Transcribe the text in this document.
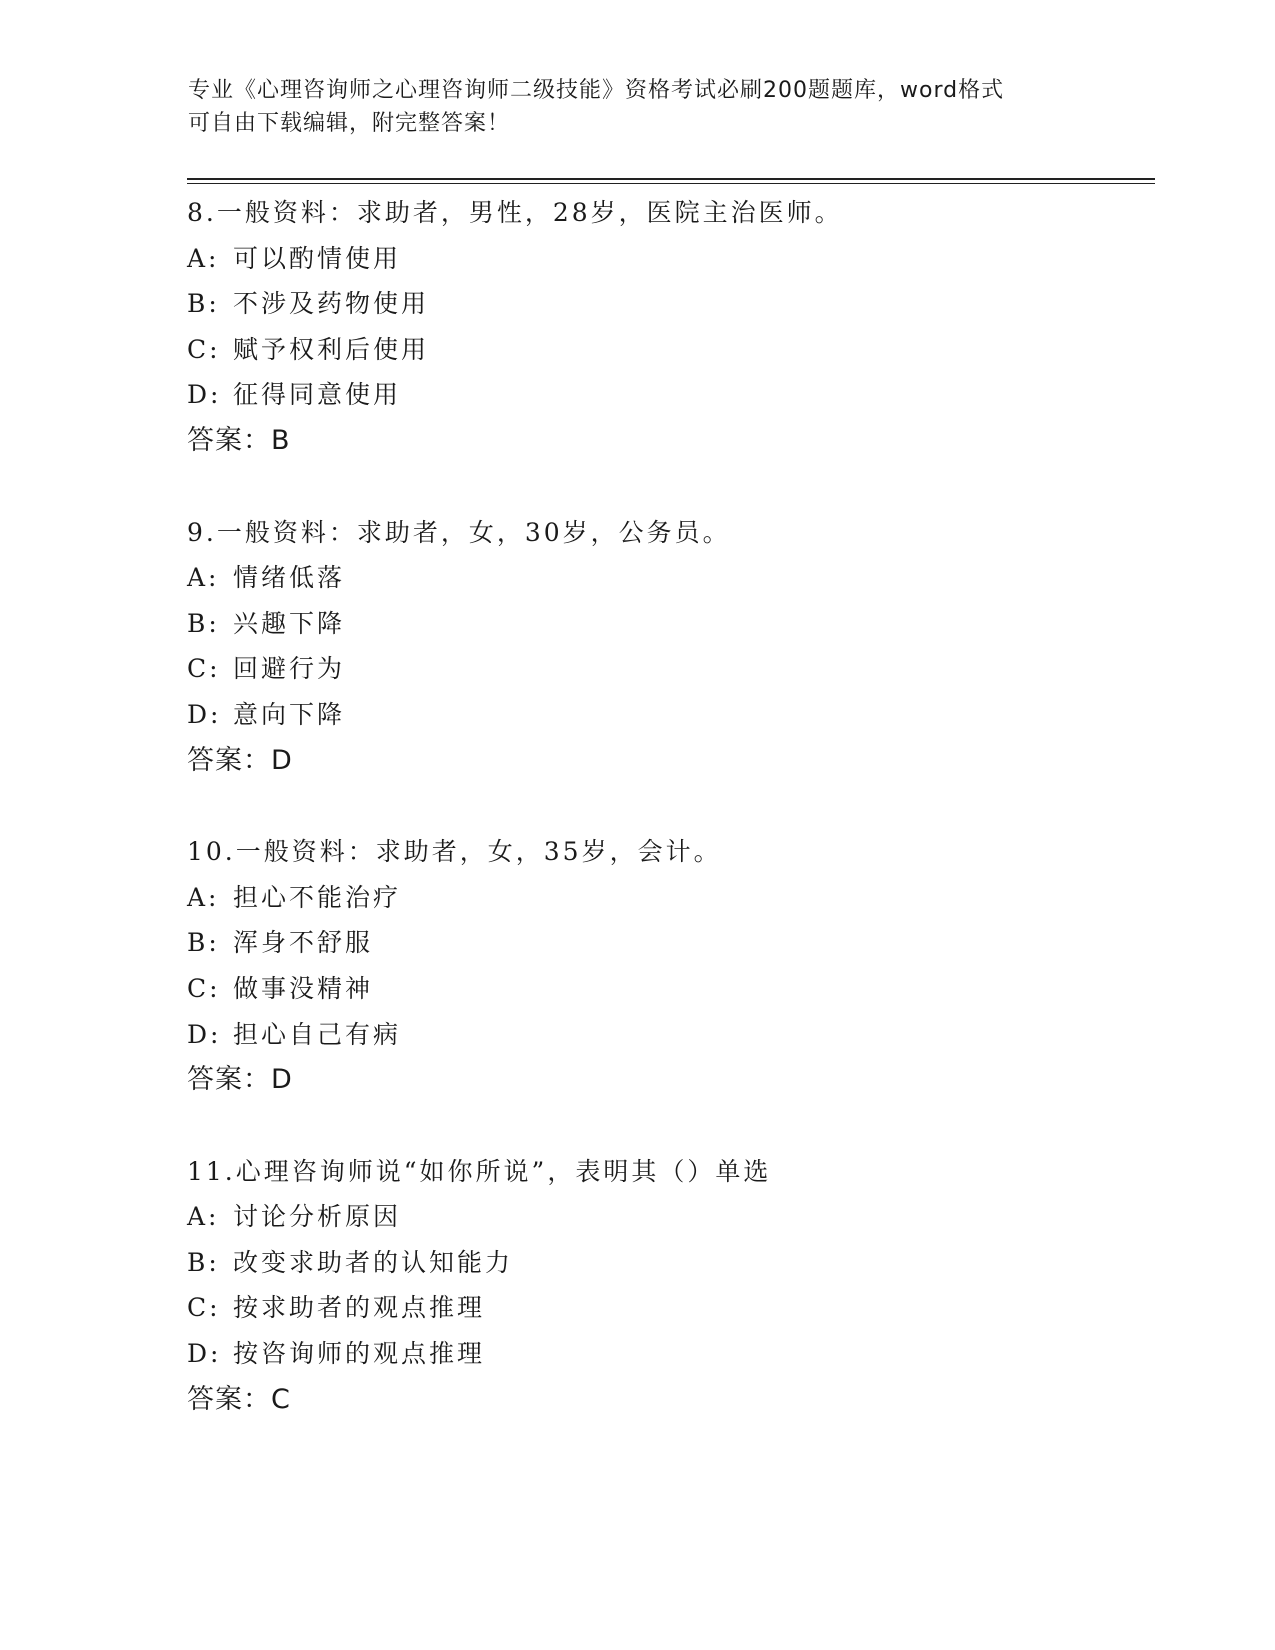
专业《心理咨询师之心理咨询师二级技能》资格考试必刷200题题库，word格式
可自由下载编辑，附完整答案！
8.一般资料：求助者，男性，28岁，医院主治医师。
A: 可以酌情使用
B: 不涉及药物使用
C: 赋予权利后使用
D: 征得同意使用
答案：B
9.一般资料：求助者，女，30岁，公务员。
A: 情绪低落
B: 兴趣下降
C: 回避行为
D: 意向下降
答案：D
10.一般资料：求助者，女，35岁，会计。
A: 担心不能治疗
B: 浑身不舒服
C: 做事没精神
D: 担心自己有病
答案：D
11.心理咨询师说“如你所说”，表明其（）单选
A: 讨论分析原因
B: 改变求助者的认知能力
C: 按求助者的观点推理
D: 按咨询师的观点推理
答案：C
